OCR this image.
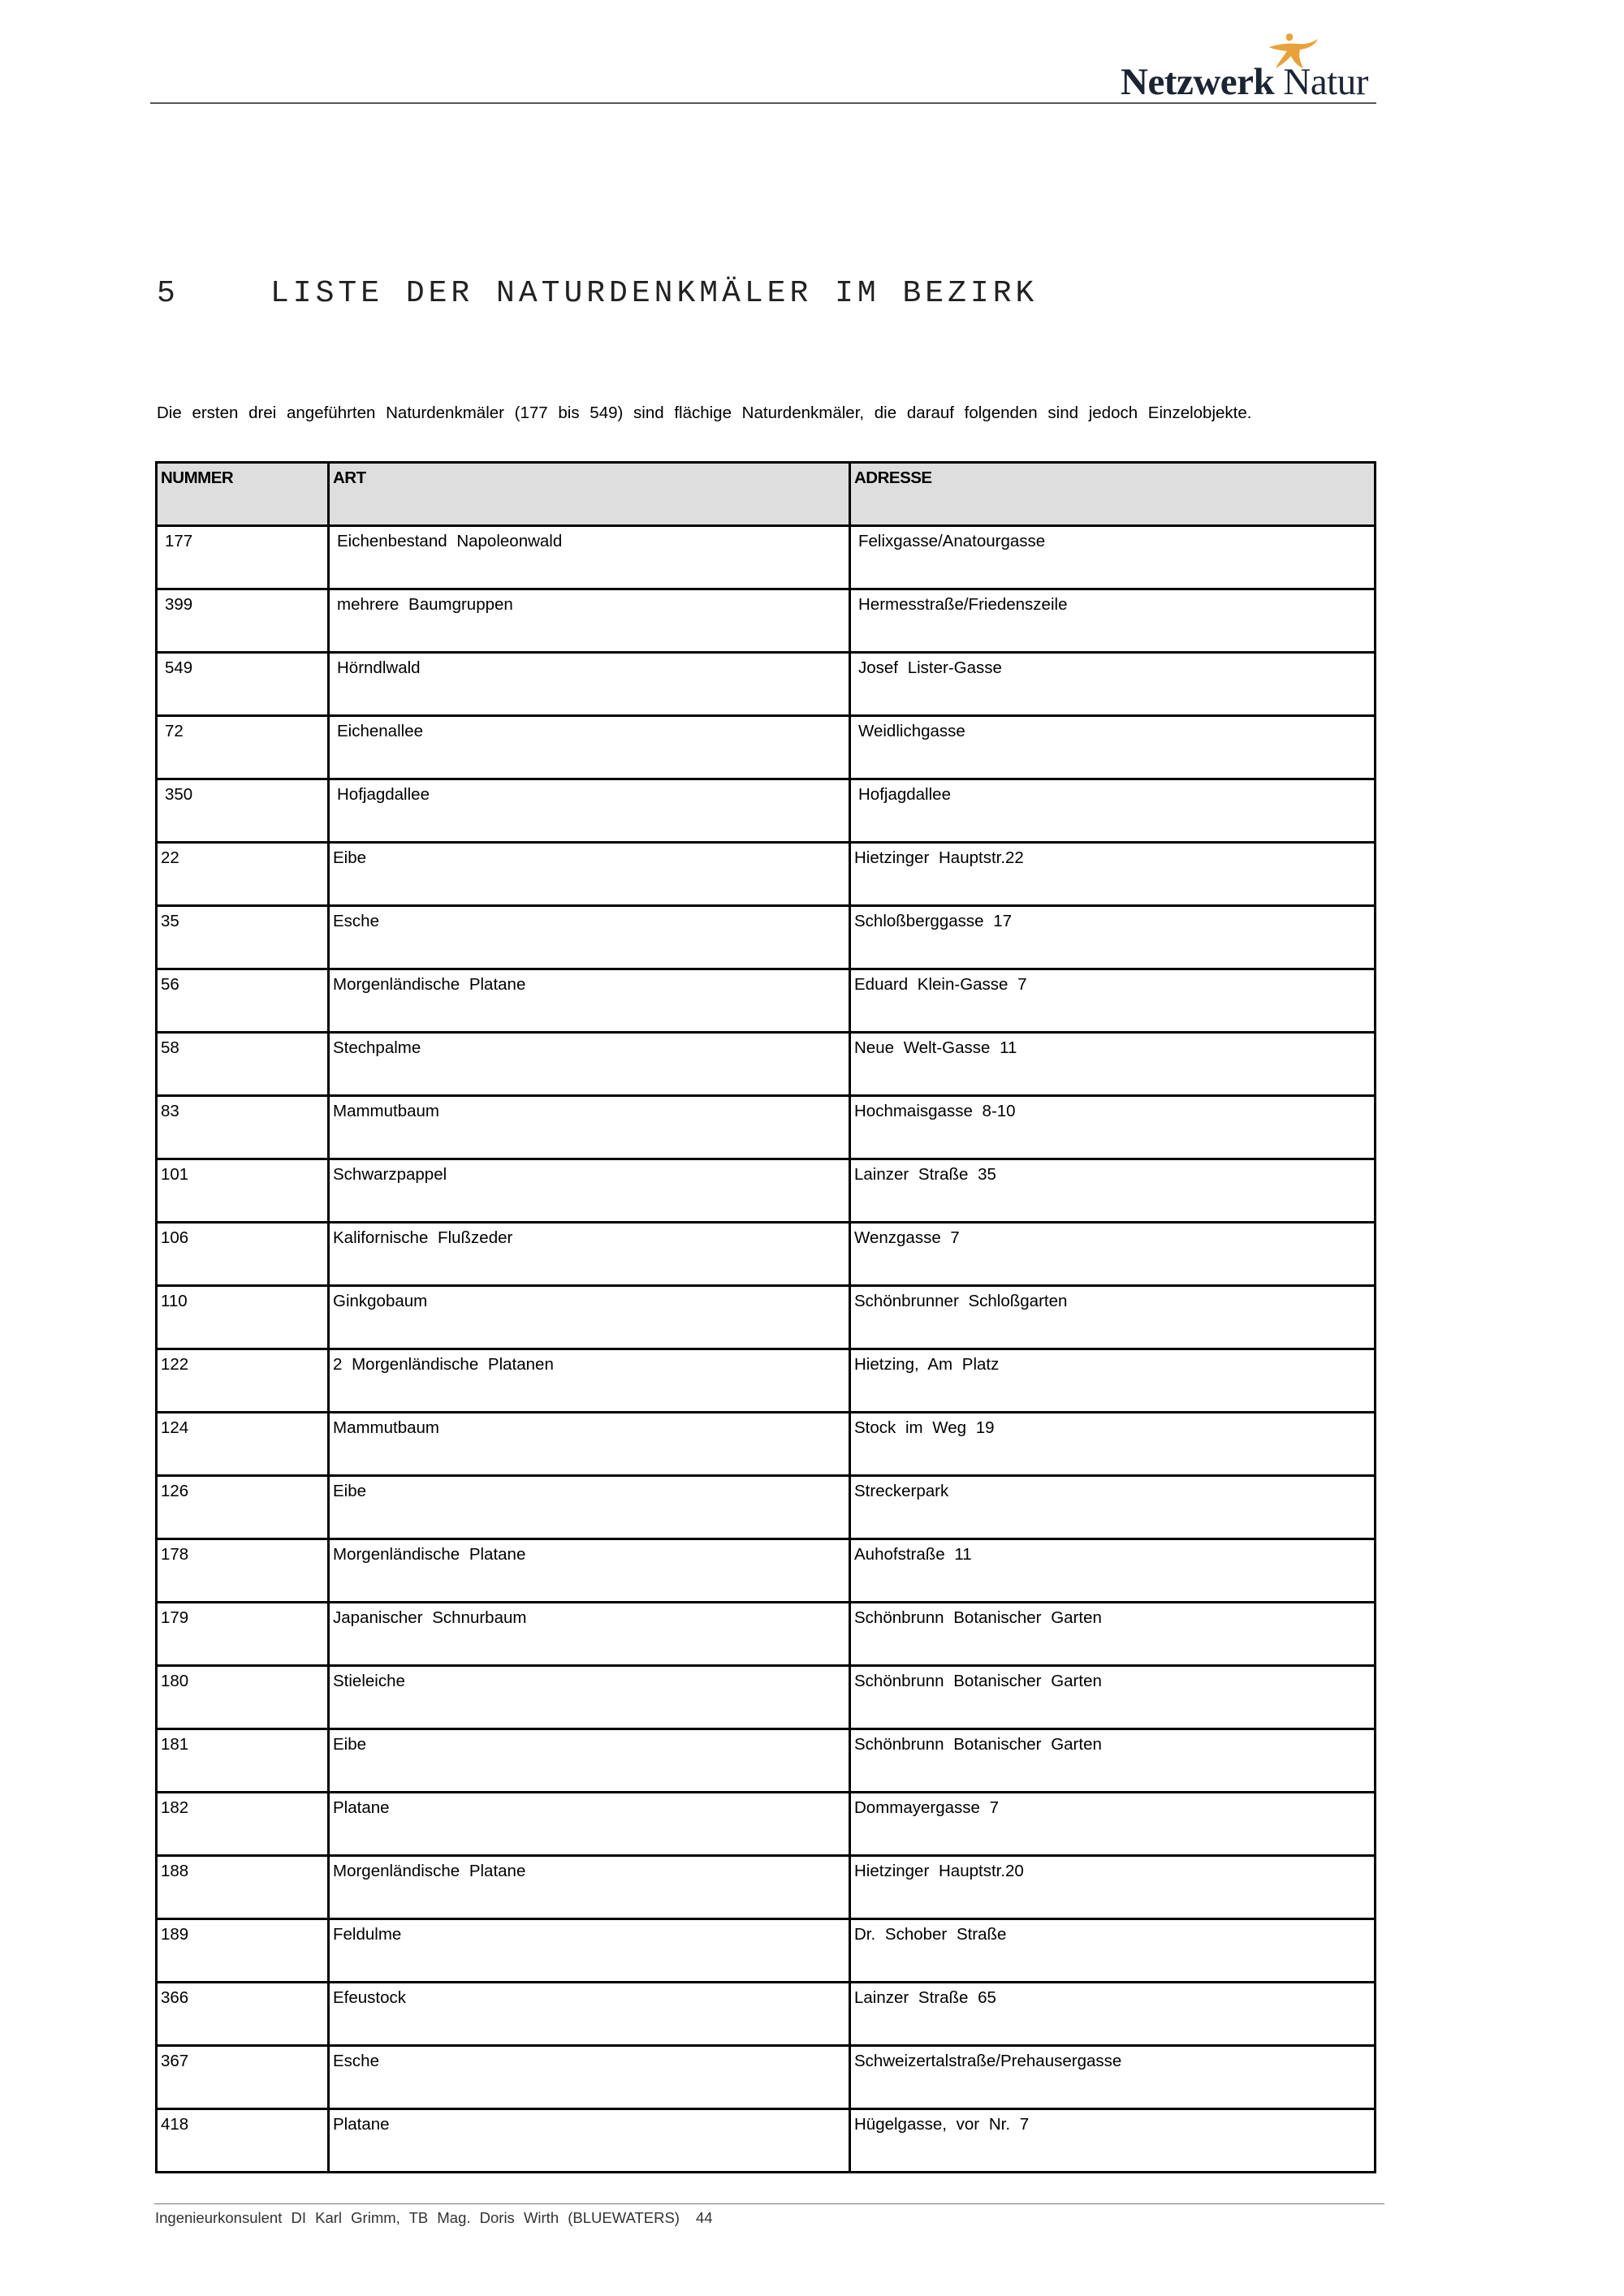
Netzwerk Natur
5	LISTE DER NATURDENKMÄLER IM BEZIRK
Die ersten drei angeführten Naturdenkmäler (177 bis 549) sind flächige Naturdenkmäler, die darauf folgenden sind jedoch Einzelobjekte.
NUMMER	ART	ADRESSE
177	Eichenbestand Napoleonwald	Felixgasse/Anatourgasse
399	mehrere Baumgruppen	Hermesstraße/Friedenszeile
549	Hörndlwald	Josef Lister-Gasse
72	Eichenallee	Weidlichgasse
350	Hofjagdallee	Hofjagdallee
22	Eibe	Hietzinger Hauptstr.22
35	Esche	Schloßberggasse 17
56	Morgenländische Platane	Eduard Klein-Gasse 7
58	Stechpalme	Neue Welt-Gasse 11
83	Mammutbaum	Hochmaisgasse 8-10
101	Schwarzpappel	Lainzer Straße 35
106	Kalifornische Flußzeder	Wenzgasse 7
110	Ginkgobaum	Schönbrunner Schloßgarten
122	2 Morgenländische Platanen	Hietzing, Am Platz
124	Mammutbaum	Stock im Weg 19
126	Eibe	Streckerpark
178	Morgenländische Platane	Auhofstraße 11
179	Japanischer Schnurbaum	Schönbrunn Botanischer Garten
180	Stieleiche	Schönbrunn Botanischer Garten
181	Eibe	Schönbrunn Botanischer Garten
182	Platane	Dommayergasse 7
188	Morgenländische Platane	Hietzinger Hauptstr.20
189	Feldulme	Dr. Schober Straße
366	Efeustock	Lainzer Straße 65
367	Esche	Schweizertalstraße/Prehausergasse
418	Platane	Hügelgasse, vor Nr. 7
Ingenieurkonsulent DI Karl Grimm, TB Mag. Doris Wirth (BLUEWATERS) 44
